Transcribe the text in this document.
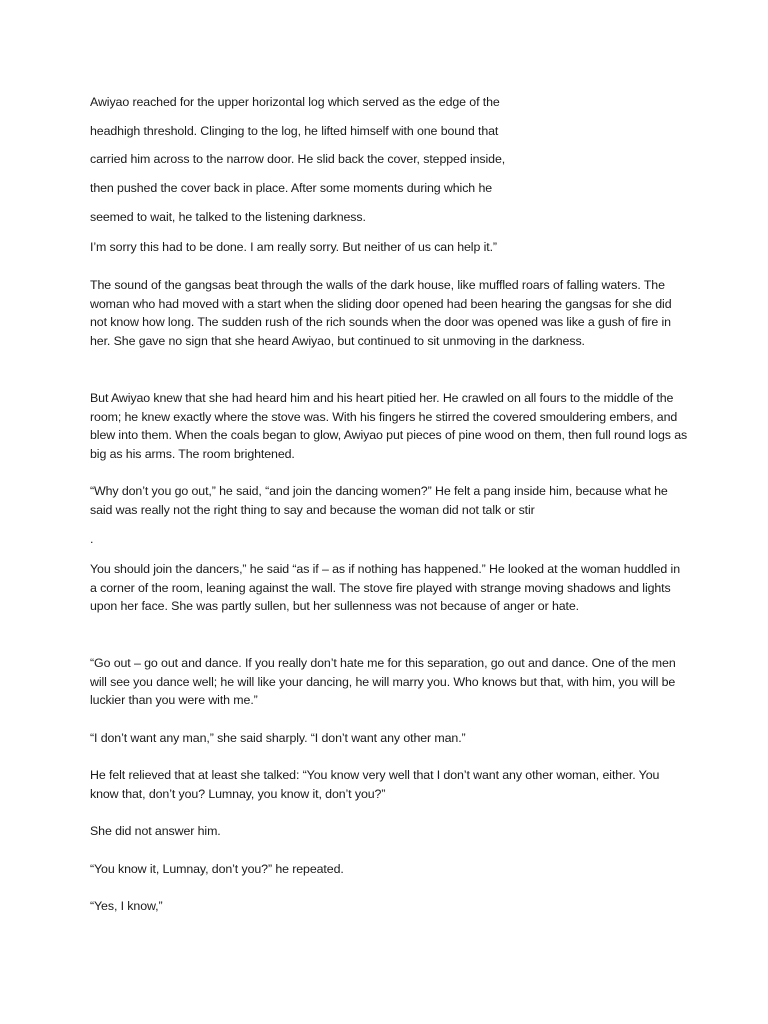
Awiyao reached for the upper horizontal log which served as the edge of the
headhigh threshold. Clinging to the log, he lifted himself with one bound that
carried him across to the narrow door. He slid back the cover, stepped inside,
then pushed the cover back in place. After some moments during which he
seemed to wait, he talked to the listening darkness.
I’m sorry this had to be done. I am really sorry. But neither of us can help it.”
The sound of the gangsas beat through the walls of the dark house, like muffled roars of falling waters. The woman who had moved with a start when the sliding door opened had been hearing the gangsas for she did not know how long. The sudden rush of the rich sounds when the door was opened was like a gush of fire in her. She gave no sign that she heard Awiyao, but continued to sit unmoving in the darkness.
But Awiyao knew that she had heard him and his heart pitied her. He crawled on all fours to the middle of the room; he knew exactly where the stove was. With his fingers he stirred the covered smouldering embers, and blew into them. When the coals began to glow, Awiyao put pieces of pine wood on them, then full round logs as big as his arms. The room brightened.
“Why don’t you go out,” he said, “and join the dancing women?” He felt a pang inside him, because what he said was really not the right thing to say and because the woman did not talk or stir
.
You should join the dancers,” he said “as if – as if nothing has happened.” He looked at the woman huddled in a corner of the room, leaning against the wall. The stove fire played with strange moving shadows and lights upon her face. She was partly sullen, but her sullenness was not because of anger or hate.
“Go out – go out and dance. If you really don’t hate me for this separation, go out and dance. One of the men will see you dance well; he will like your dancing, he will marry you. Who knows but that, with him, you will be luckier than you were with me.”
“I don’t want any man,” she said sharply. “I don’t want any other man.”
He felt relieved that at least she talked: “You know very well that I don’t want any other woman, either. You know that, don’t you? Lumnay, you know it, don’t you?”
She did not answer him.
“You know it, Lumnay, don’t you?” he repeated.
“Yes, I know,”
